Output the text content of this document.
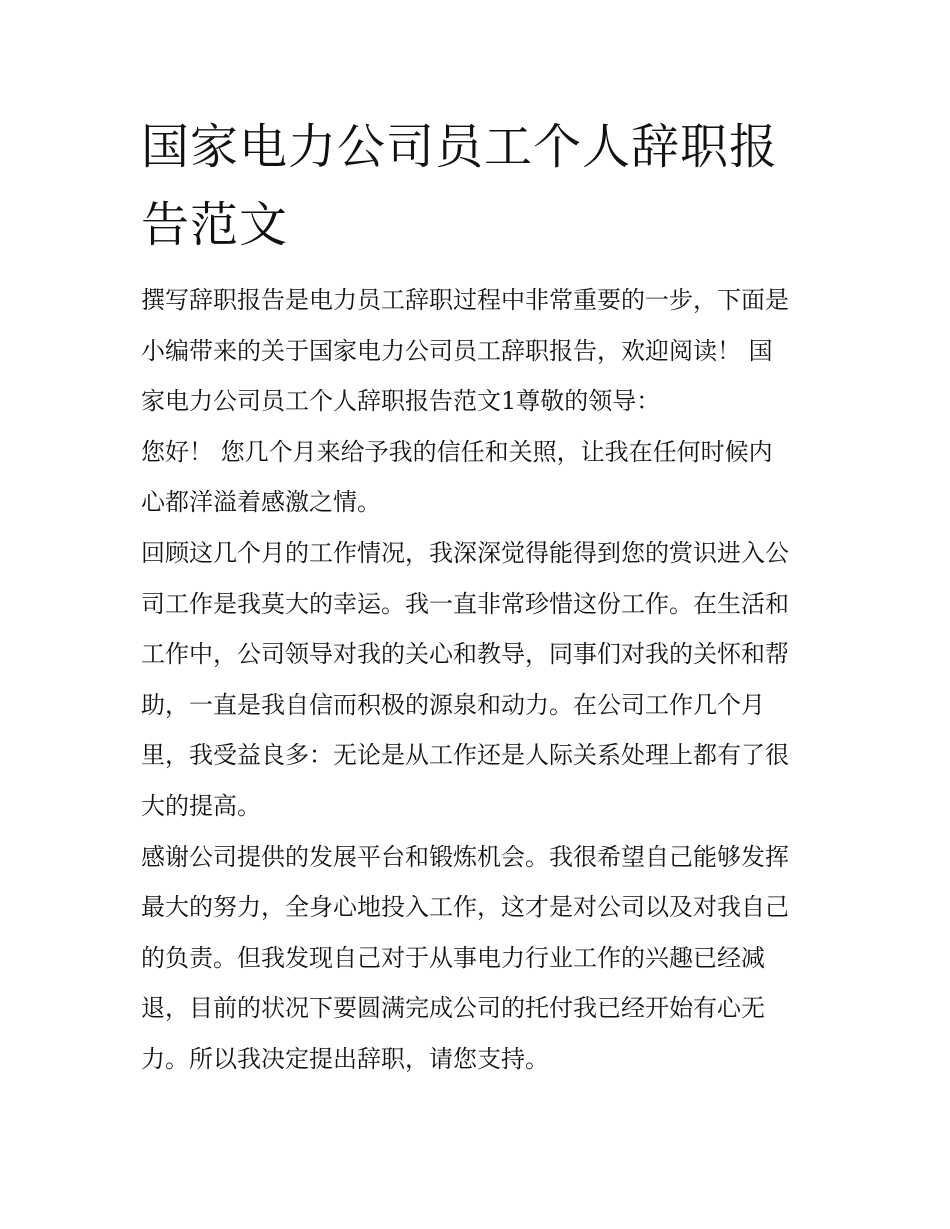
国家电力公司员工个人辞职报
告范文
撰写辞职报告是电力员工辞职过程中非常重要的一步，下面是
小编带来的关于国家电力公司员工辞职报告，欢迎阅读！ 国
家电力公司员工个人辞职报告范文1尊敬的领导：
您好！ 您几个月来给予我的信任和关照，让我在任何时候内
心都洋溢着感激之情。
回顾这几个月的工作情况，我深深觉得能得到您的赏识进入公
司工作是我莫大的幸运。我一直非常珍惜这份工作。在生活和
工作中，公司领导对我的关心和教导，同事们对我的关怀和帮
助，一直是我自信而积极的源泉和动力。在公司工作几个月
里，我受益良多：无论是从工作还是人际关系处理上都有了很
大的提高。
感谢公司提供的发展平台和锻炼机会。我很希望自己能够发挥
最大的努力，全身心地投入工作，这才是对公司以及对我自己
的负责。但我发现自己对于从事电力行业工作的兴趣已经减
退，目前的状况下要圆满完成公司的托付我已经开始有心无
力。所以我决定提出辞职，请您支持。
